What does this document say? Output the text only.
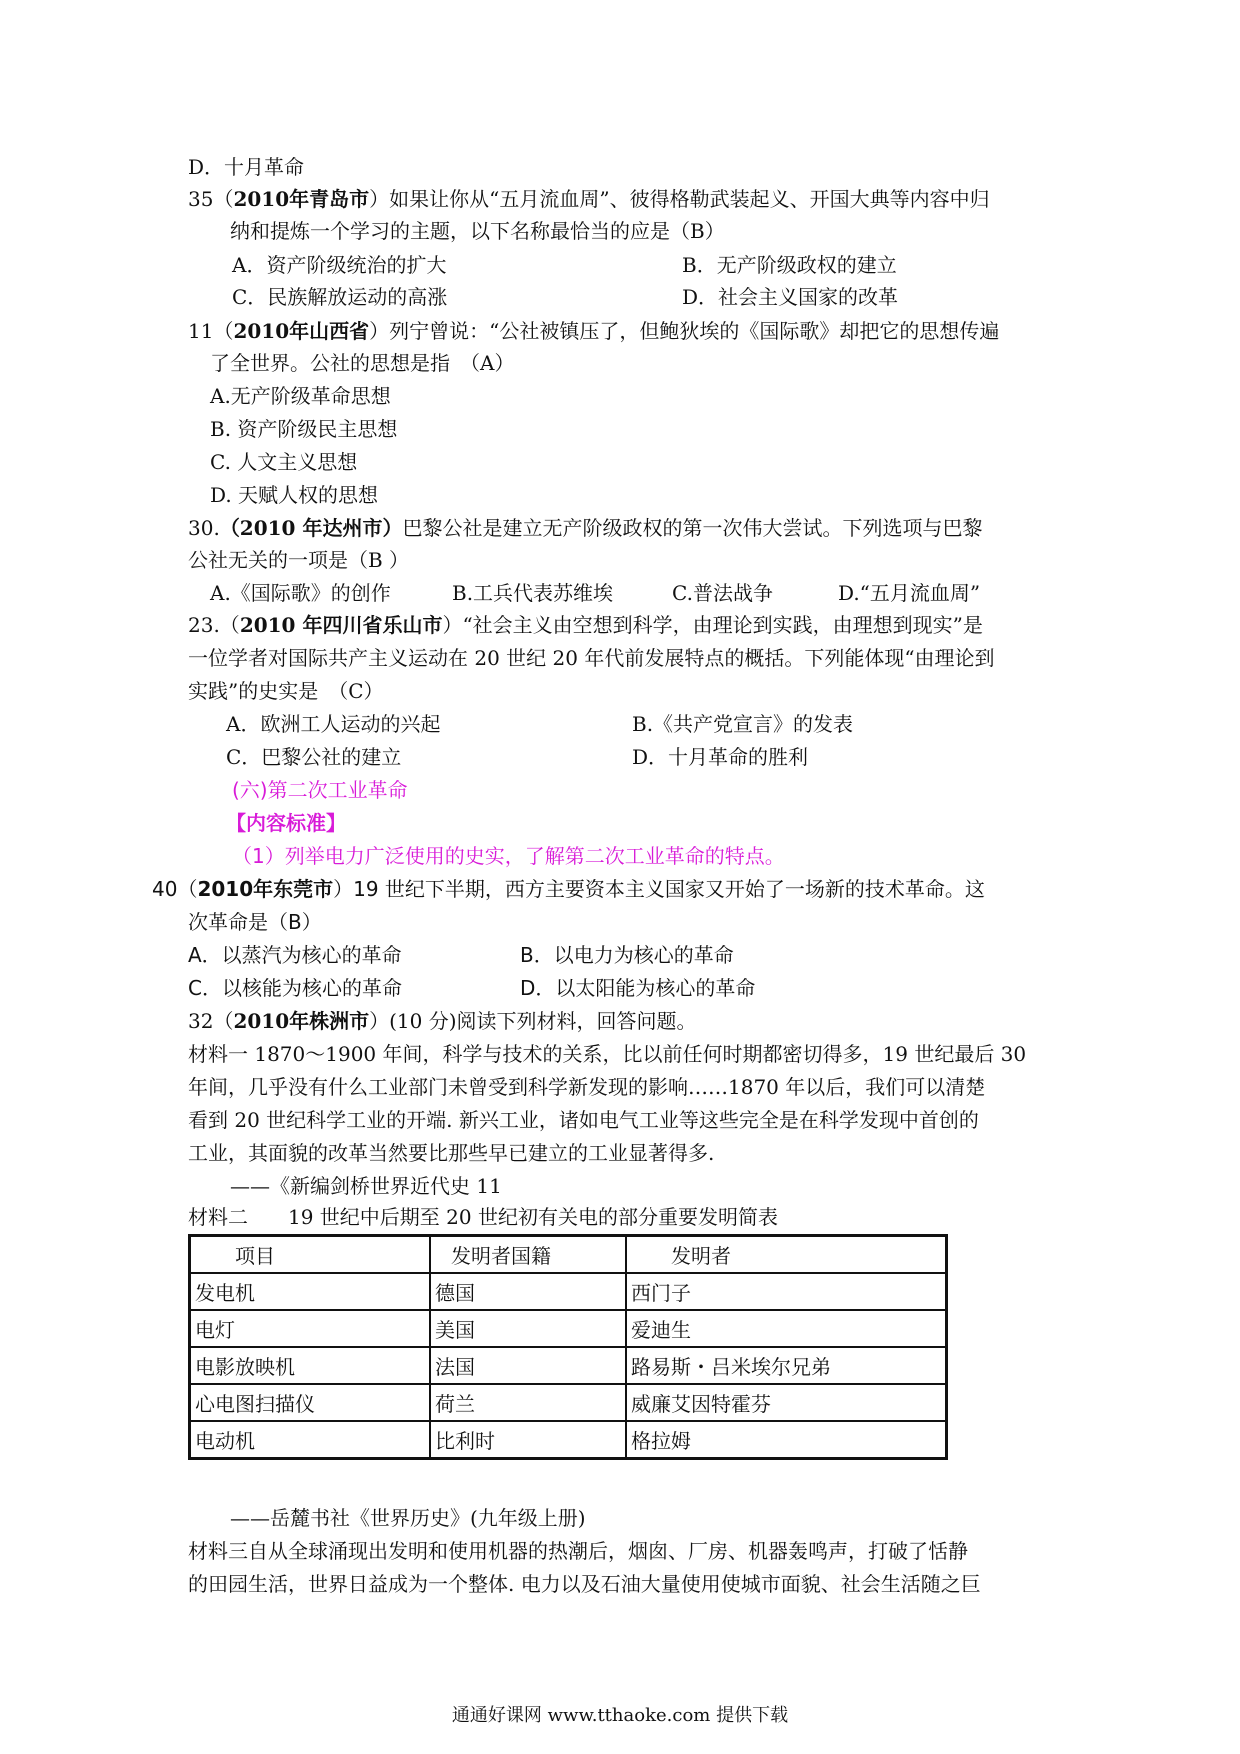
D．十月革命
35（2010年青岛市）如果让你从“五月流血周”、彼得格勒武装起义、开国大典等内容中归
纳和提炼一个学习的主题，以下名称最恰当的应是（B）
A．资产阶级统治的扩大	B．无产阶级政权的建立
C．民族解放运动的高涨	D．社会主义国家的改革
11（2010年山西省）列宁曾说：“公社被镇压了，但鲍狄埃的《国际歌》却把它的思想传遍
了全世界。公社的思想是指　（A）
A.无产阶级革命思想
B. 资产阶级民主思想
C. 人文主义思想
D. 天赋人权的思想
30.（2010 年达州市）巴黎公社是建立无产阶级政权的第一次伟大尝试。下列选项与巴黎
公社无关的一项是（B ）
A.《国际歌》的创作	B.工兵代表苏维埃	C.普法战争	D.“五月流血周”
23.（2010 年四川省乐山市）“社会主义由空想到科学，由理论到实践，由理想到现实”是
一位学者对国际共产主义运动在 20 世纪 20 年代前发展特点的概括。下列能体现“由理论到
实践”的史实是　（C）
A．欧洲工人运动的兴起	B.《共产党宣言》的发表
C．巴黎公社的建立	D．十月革命的胜利
(六)第二次工业革命
【内容标准】
（1）列举电力广泛使用的史实，了解第二次工业革命的特点。
40（2010年东莞市）19 世纪下半期，西方主要资本主义国家又开始了一场新的技术革命。这
次革命是（B）
A．以蒸汽为核心的革命	B．以电力为核心的革命
C．以核能为核心的革命	D．以太阳能为核心的革命
32（2010年株洲市）(10 分)阅读下列材料，回答问题。
材料一 1870～1900 年间，科学与技术的关系，比以前任何时期都密切得多，19 世纪最后 30
年间，几乎没有什么工业部门未曾受到科学新发现的影响……1870 年以后，我们可以清楚
看到 20 世纪科学工业的开端. 新兴工业，诸如电气工业等这些完全是在科学发现中首创的
工业，其面貌的改革当然要比那些早已建立的工业显著得多.
——《新编剑桥世界近代史 11
材料二　　19 世纪中后期至 20 世纪初有关电的部分重要发明简表
项目	发明者国籍	发明者
发电机	德国	西门子
电灯	美国	爱迪生
电影放映机	法国	路易斯・吕米埃尔兄弟
心电图扫描仪	荷兰	威廉艾因特霍芬
电动机	比利时	格拉姆
——岳麓书社《世界历史》(九年级上册)
材料三自从全球涌现出发明和使用机器的热潮后，烟囱、厂房、机器轰鸣声，打破了恬静
的田园生活，世界日益成为一个整体. 电力以及石油大量使用使城市面貌、社会生活随之巨
通通好课网 www.tthaoke.com 提供下载
